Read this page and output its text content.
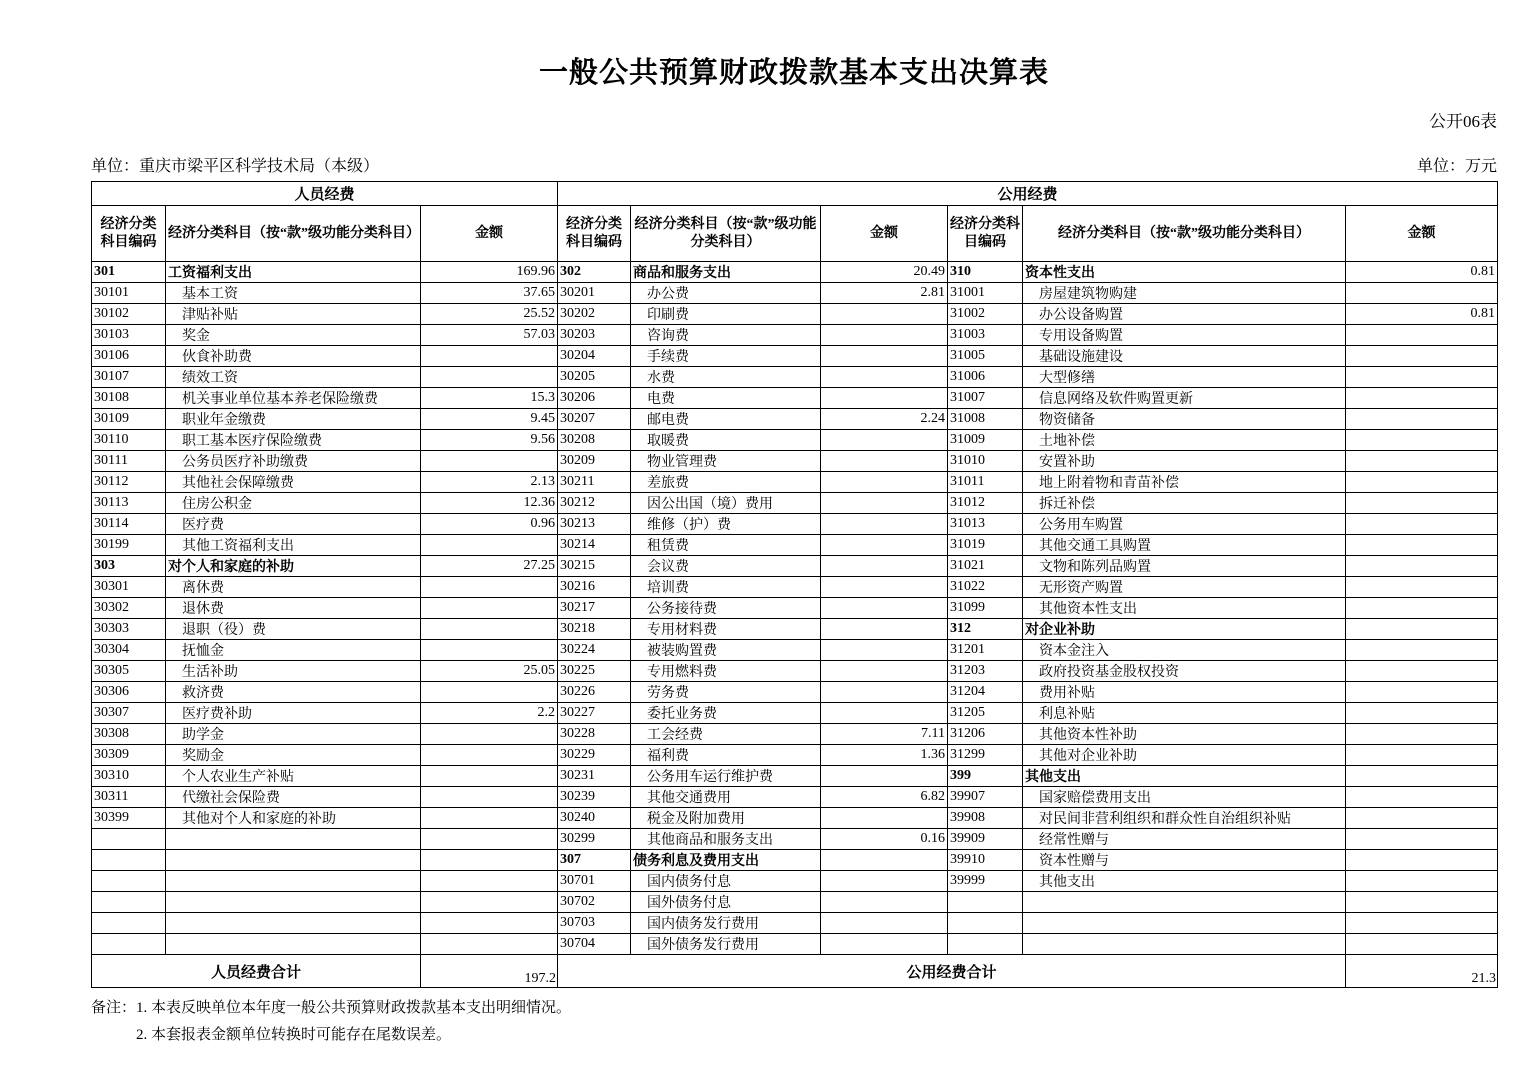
一般公共预算财政拨款基本支出决算表
公开06表
单位：重庆市梁平区科学技术局（本级）	单位：万元
人员经费			公用经费					
经济分类科目编码	经济分类科目（按“款”级功能分类科目）	金额	经济分类科目编码	经济分类科目（按“款”级功能分类科目）	金额	经济分类科目编码	经济分类科目（按“款”级功能分类科目）	金额
301	工资福利支出	169.96	302	商品和服务支出	20.49	310	资本性支出	0.81
30101	基本工资	37.65	30201	办公费	2.81	31001	房屋建筑物购建	
30102	津贴补贴	25.52	30202	印刷费		31002	办公设备购置	0.81
30103	奖金	57.03	30203	咨询费		31003	专用设备购置	
30106	伙食补助费		30204	手续费		31005	基础设施建设	
30107	绩效工资		30205	水费		31006	大型修缮	
30108	机关事业单位基本养老保险缴费	15.3	30206	电费		31007	信息网络及软件购置更新	
30109	职业年金缴费	9.45	30207	邮电费	2.24	31008	物资储备	
30110	职工基本医疗保险缴费	9.56	30208	取暖费		31009	土地补偿	
30111	公务员医疗补助缴费		30209	物业管理费		31010	安置补助	
30112	其他社会保障缴费	2.13	30211	差旅费		31011	地上附着物和青苗补偿	
30113	住房公积金	12.36	30212	因公出国（境）费用		31012	拆迁补偿	
30114	医疗费	0.96	30213	维修（护）费		31013	公务用车购置	
30199	其他工资福利支出		30214	租赁费		31019	其他交通工具购置	
303	对个人和家庭的补助	27.25	30215	会议费		31021	文物和陈列品购置	
30301	离休费		30216	培训费		31022	无形资产购置	
30302	退休费		30217	公务接待费		31099	其他资本性支出	
30303	退职（役）费		30218	专用材料费		312	对企业补助	
30304	抚恤金		30224	被装购置费		31201	资本金注入	
30305	生活补助	25.05	30225	专用燃料费		31203	政府投资基金股权投资	
30306	救济费		30226	劳务费		31204	费用补贴	
30307	医疗费补助	2.2	30227	委托业务费		31205	利息补贴	
30308	助学金		30228	工会经费	7.11	31206	其他资本性补助	
30309	奖励金		30229	福利费	1.36	31299	其他对企业补助	
30310	个人农业生产补贴		30231	公务用车运行维护费		399	其他支出	
30311	代缴社会保险费		30239	其他交通费用	6.82	39907	国家赔偿费用支出	
30399	其他对个人和家庭的补助		30240	税金及附加费用		39908	对民间非营利组织和群众性自治组织补贴	
			30299	其他商品和服务支出	0.16	39909	经常性赠与	
			307	债务利息及费用支出		39910	资本性赠与	
			30701	国内债务付息		39999	其他支出	
			30702	国外债务付息				
			30703	国内债务发行费用				
			30704	国外债务发行费用				
人员经费合计		197.2	公用经费合计					21.3
备注： 1. 本表反映单位本年度一般公共预算财政拨款基本支出明细情况。
2. 本套报表金额单位转换时可能存在尾数误差。
